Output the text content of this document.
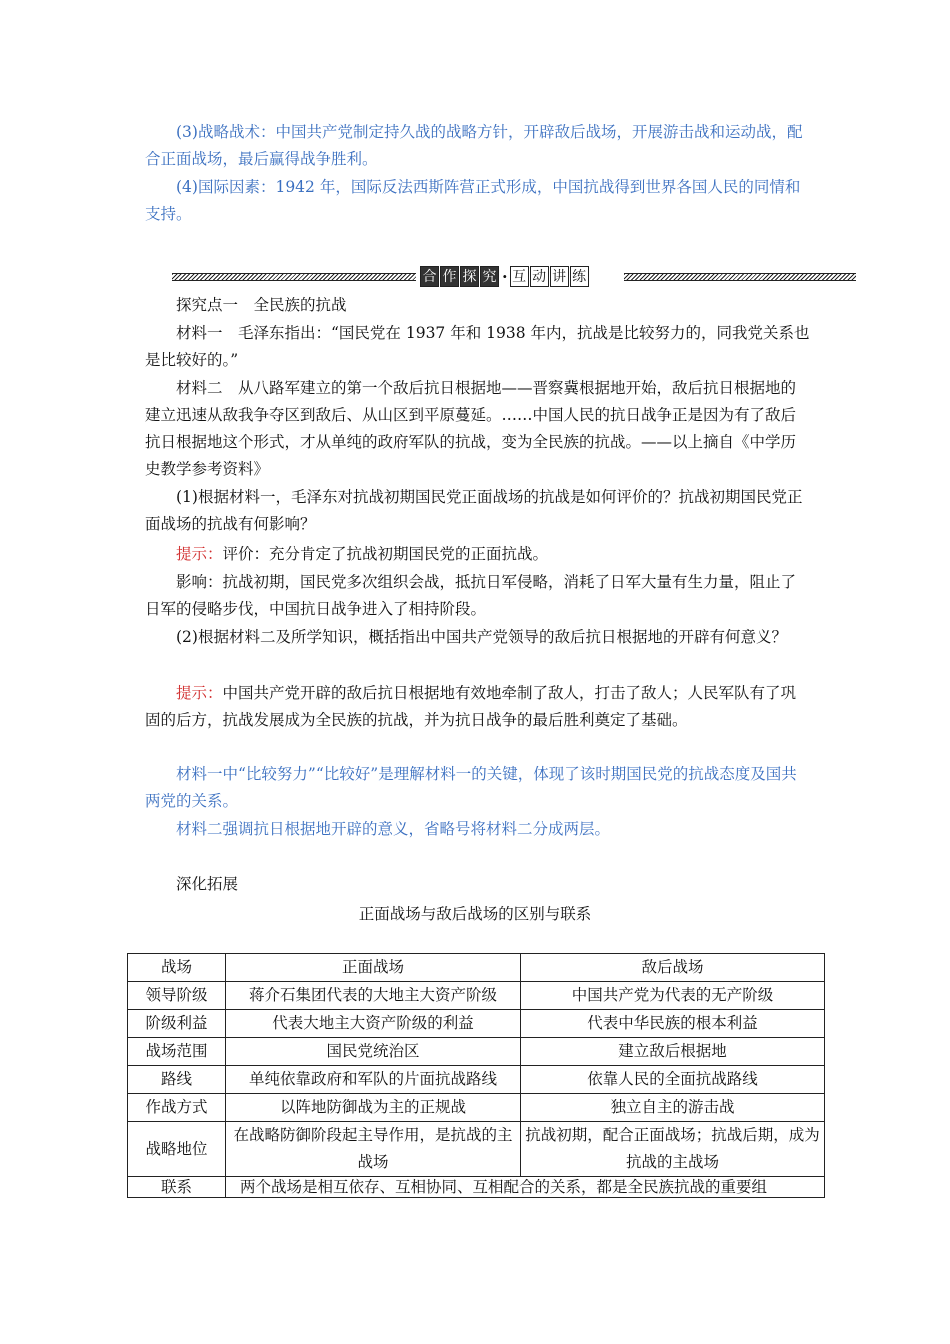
(3)战略战术：中国共产党制定持久战的战略方针，开辟敌后战场，开展游击战和运动战，配合正面战场，最后赢得战争胜利。

(4)国际因素：1942 年，国际反法西斯阵营正式形成，中国抗战得到世界各国人民的同情和支持。

合 作 探 究 · 互 动 讲 练

探究点一　全民族的抗战

材料一　毛泽东指出：“国民党在 1937 年和 1938 年内，抗战是比较努力的，同我党关系也是比较好的。”

材料二　从八路军建立的第一个敌后抗日根据地——晋察冀根据地开始，敌后抗日根据地的建立迅速从敌我争夺区到敌后、从山区到平原蔓延。……中国人民的抗日战争正是因为有了敌后抗日根据地这个形式，才从单纯的政府军队的抗战，变为全民族的抗战。——以上摘自《中学历史教学参考资料》

(1)根据材料一，毛泽东对抗战初期国民党正面战场的抗战是如何评价的？抗战初期国民党正面战场的抗战有何影响？

提示：评价：充分肯定了抗战初期国民党的正面抗战。

影响：抗战初期，国民党多次组织会战，抵抗日军侵略，消耗了日军大量有生力量，阻止了日军的侵略步伐，中国抗日战争进入了相持阶段。

(2)根据材料二及所学知识，概括指出中国共产党领导的敌后抗日根据地的开辟有何意义？

提示：中国共产党开辟的敌后抗日根据地有效地牵制了敌人，打击了敌人；人民军队有了巩固的后方，抗战发展成为全民族的抗战，并为抗日战争的最后胜利奠定了基础。

材料一中“比较努力”“比较好”是理解材料一的关键，体现了该时期国民党的抗战态度及国共两党的关系。

材料二强调抗日根据地开辟的意义，省略号将材料二分成两层。

深化拓展

正面战场与敌后战场的区别与联系
战场	正面战场	敌后战场
领导阶级	蒋介石集团代表的大地主大资产阶级	中国共产党为代表的无产阶级
阶级利益	代表大地主大资产阶级的利益	代表中华民族的根本利益
战场范围	国民党统治区	建立敌后根据地
路线	单纯依靠政府和军队的片面抗战路线	依靠人民的全面抗战路线
作战方式	以阵地防御战为主的正规战	独立自主的游击战
战略地位	在战略防御阶段起主导作用，是抗战的主战场	抗战初期，配合正面战场；抗战后期，成为抗战的主战场
联系	两个战场是相互依存、互相协同、互相配合的关系，都是全民族抗战的重要组	
